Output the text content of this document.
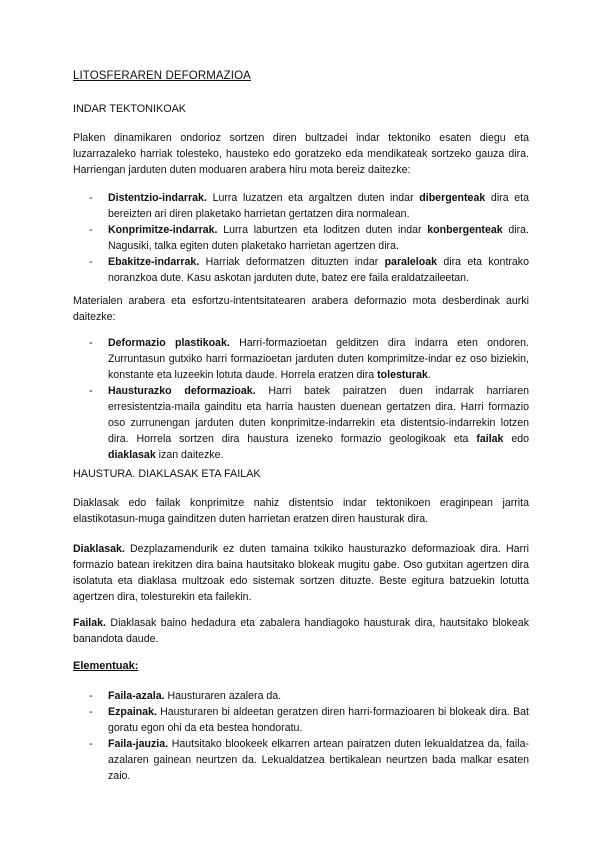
LITOSFERAREN DEFORMAZIOA
INDAR TEKTONIKOAK

Plaken dinamikaren ondorioz sortzen diren bultzadei indar tektoniko esaten diegu eta luzarrazaleko harriak tolesteko, hausteko edo goratzeko eda mendikateak sortzeko gauza dira. Harriengan jarduten duten moduaren arabera hiru mota bereiz daitezke:

- Distentzio-indarrak. Lurra luzatzen eta argaltzen duten indar dibergenteak dira eta bereizten ari diren plaketako harrietan gertatzen dira normalean.
- Konprimitze-indarrak. Lurra laburtzen eta loditzen duten indar konbergenteak dira. Nagusiki, talka egiten duten plaketako harrietan agertzen dira.
- Ebakitze-indarrak. Harriak deformatzen dituzten indar paraleloak dira eta kontrako noranzkoa dute. Kasu askotan jarduten dute, batez ere faila eraldatzaileetan.

Materialen arabera eta esfortzu-intentsitatearen arabera deformazio mota desberdinak aurki daitezke:

- Deformazio plastikoak. Harri-formazioetan gelditzen dira indarra eten ondoren. Zurruntasun gutxiko harri formazioetan jarduten duten komprimitze-indar ez oso biziekin, konstante eta luzeekin lotuta daude. Horrela eratzen dira tolesturak.
- Hausturazko deformazioak. Harri batek pairatzen duen indarrak harriaren erresistentzia-maila gainditu eta harria hausten duenean gertatzen dira. Harri formazio oso zurrunengan jarduten duten konprimitze-indarrekin eta distentsio-indarrekin lotzen dira. Horrela sortzen dira haustura izeneko formazio geologikoak eta failak edo diaklasak izan daitezke.
HAUSTURA. DIAKLASAK ETA FAILAK

Diaklasak edo failak konprimitze nahiz distentsio indar tektonikoen eraginpean jarrita elastikotasun-muga gainditzen duten harrietan eratzen diren hausturak dira.

Diaklasak. Dezplazamendurik ez duten tamaina txikiko hausturazko deformazioak dira. Harri formazio batean irekitzen dira baina hautsitako blokeak mugitu gabe. Oso gutxitan agertzen dira isolatuta eta diaklasa multzoak edo sistemak sortzen dituzte. Beste egitura batzuekin lotutta agertzen dira, tolesturekin eta failekin.

Failak. Diaklasak baino hedadura eta zabalera handiagoko hausturak dira, hautsitako blokeak banandota daude.

Elementuak:
- Faila-azala. Hausturaren azalera da.
- Ezpainak. Hausturaren bi aldeetan geratzen diren harri-formazioaren bi blokeak dira. Bat goratu egon ohi da eta bestea hondoratu.
- Faila-jauzia. Hautsitako blookeek elkarren artean pairatzen duten lekualdatzea da, faila-azalaren gainean neurtzen da. Lekualdatzea bertikalean neurtzen bada malkar esaten zaio.
